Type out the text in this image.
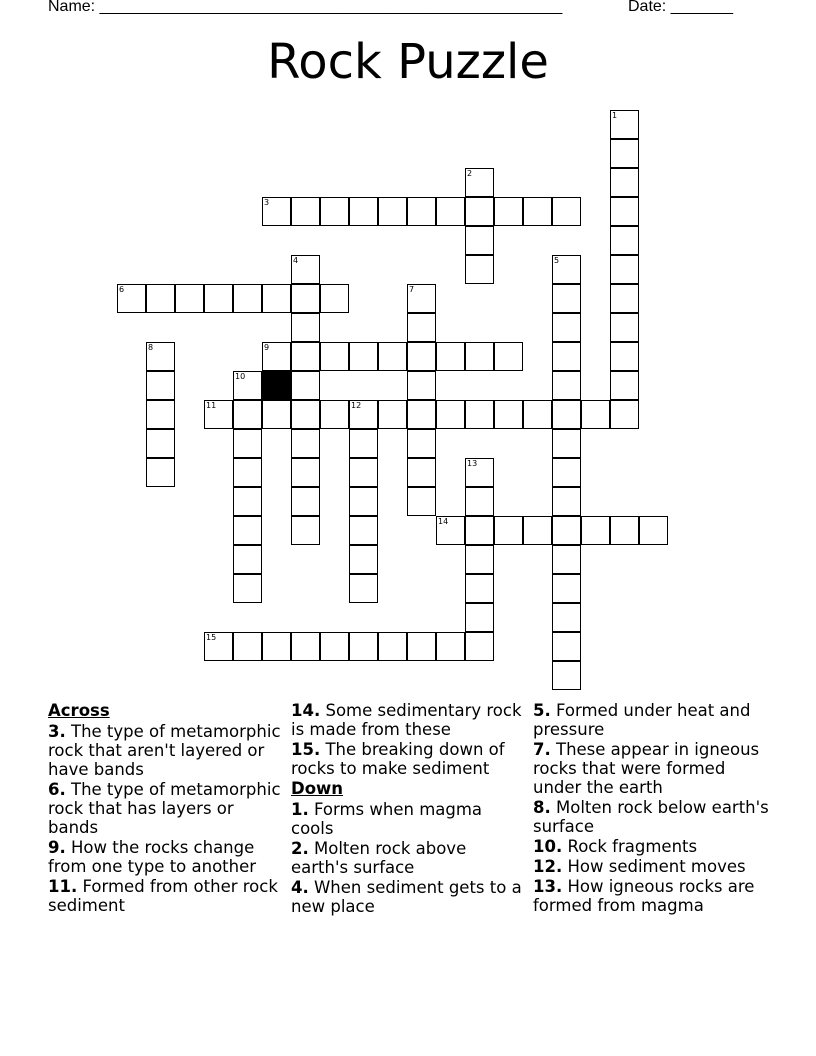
Name: ____________________________________________________	Date: _______
Rock Puzzle
3
6
9
11	12
14
15
1
2
4	5
7
8
10
13
Across
3. The type of metamorphic rock that aren't layered or have bands
6. The type of metamorphic rock that has layers or bands
9. How the rocks change from one type to another
11. Formed from other rock sediment
14. Some sedimentary rock is made from these
15. The breaking down of rocks to make sediment
Down
1. Forms when magma cools
2. Molten rock above earth's surface
4. When sediment gets to a new place
5. Formed under heat and pressure
7. These appear in igneous rocks that were formed under the earth
8. Molten rock below earth's surface
10. Rock fragments
12. How sediment moves
13. How igneous rocks are formed from magma
